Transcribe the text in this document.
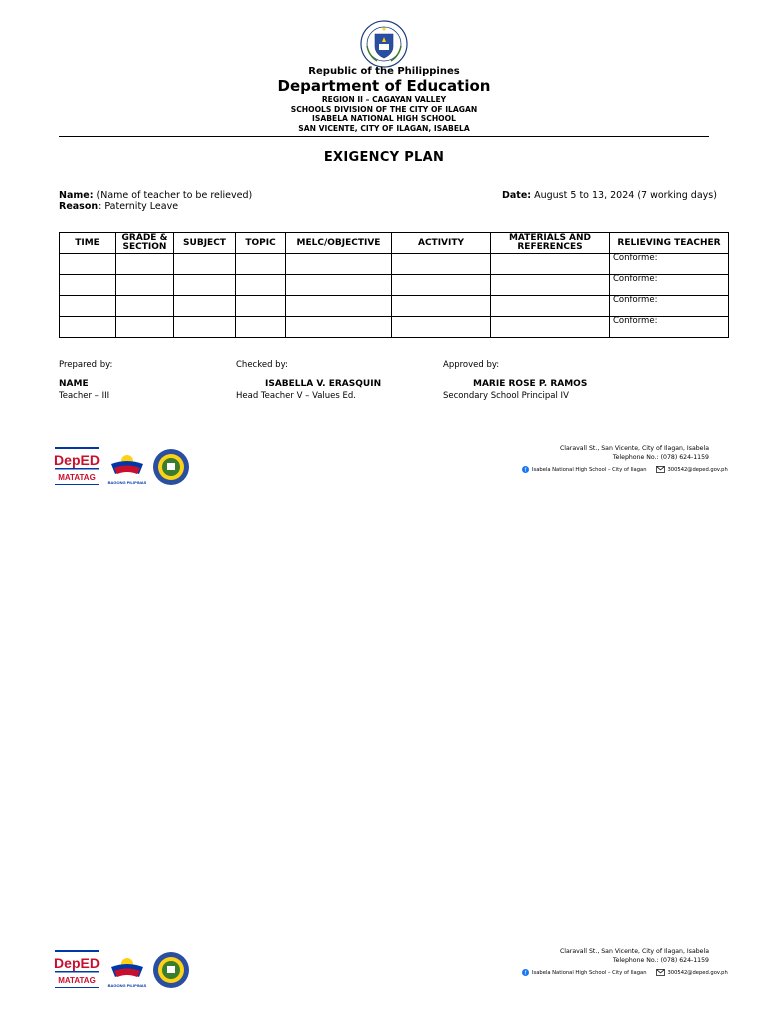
Republic of the Philippines
Department of Education
REGION II – CAGAYAN VALLEY
SCHOOLS DIVISION OF THE CITY OF ILAGAN
ISABELA NATIONAL HIGH SCHOOL
SAN VICENTE, CITY OF ILAGAN, ISABELA
EXIGENCY PLAN
Name: (Name of teacher to be relieved)
Reason: Paternity Leave
Date: August 5 to 13, 2024 (7 working days)
TIME	GRADE & SECTION	SUBJECT	TOPIC	MELC/OBJECTIVE	ACTIVITY	MATERIALS AND REFERENCES	RELIEVING TEACHER
							Conforme:
							Conforme:
							Conforme:
							Conforme:
Prepared by:
NAME
Teacher – III
Checked by:
ISABELLA V. ERASQUIN
Head Teacher V – Values Ed.
Approved by:
MARIE ROSE P. RAMOS
Secondary School Principal IV
DepED
MATATAG
BAGONG PILIPINAS
Claravall St., San Vicente, City of Ilagan, Isabela
Telephone No.: (078) 624-1159
f Isabela National High School – City of Ilagan	300542@deped.gov.ph
DepED
MATATAG
BAGONG PILIPINAS
Claravall St., San Vicente, City of Ilagan, Isabela
Telephone No.: (078) 624-1159
f Isabela National High School – City of Ilagan	300542@deped.gov.ph
